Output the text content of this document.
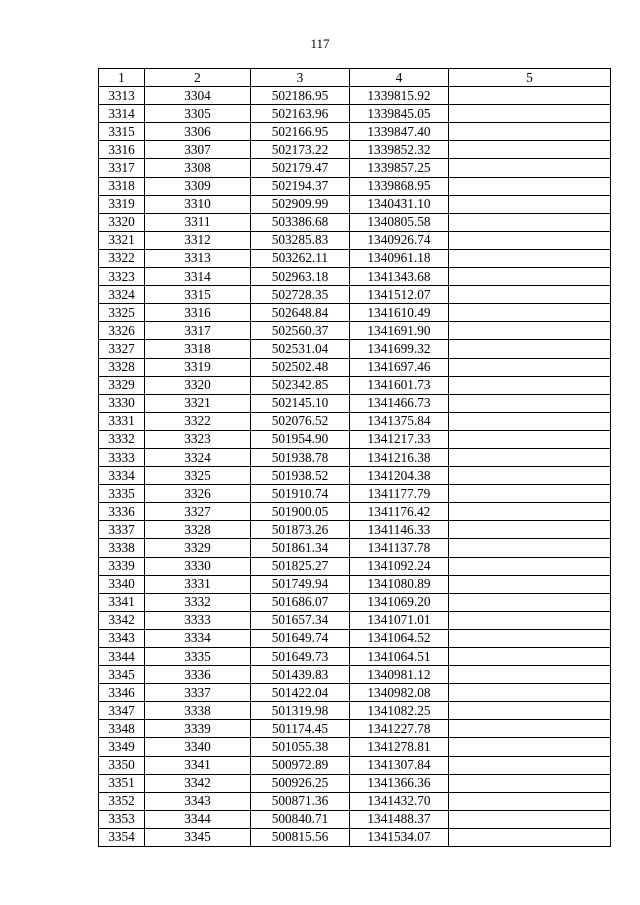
117
1	2	3	4	5
3313	3304	502186.95	1339815.92	
3314	3305	502163.96	1339845.05	
3315	3306	502166.95	1339847.40	
3316	3307	502173.22	1339852.32	
3317	3308	502179.47	1339857.25	
3318	3309	502194.37	1339868.95	
3319	3310	502909.99	1340431.10	
3320	3311	503386.68	1340805.58	
3321	3312	503285.83	1340926.74	
3322	3313	503262.11	1340961.18	
3323	3314	502963.18	1341343.68	
3324	3315	502728.35	1341512.07	
3325	3316	502648.84	1341610.49	
3326	3317	502560.37	1341691.90	
3327	3318	502531.04	1341699.32	
3328	3319	502502.48	1341697.46	
3329	3320	502342.85	1341601.73	
3330	3321	502145.10	1341466.73	
3331	3322	502076.52	1341375.84	
3332	3323	501954.90	1341217.33	
3333	3324	501938.78	1341216.38	
3334	3325	501938.52	1341204.38	
3335	3326	501910.74	1341177.79	
3336	3327	501900.05	1341176.42	
3337	3328	501873.26	1341146.33	
3338	3329	501861.34	1341137.78	
3339	3330	501825.27	1341092.24	
3340	3331	501749.94	1341080.89	
3341	3332	501686.07	1341069.20	
3342	3333	501657.34	1341071.01	
3343	3334	501649.74	1341064.52	
3344	3335	501649.73	1341064.51	
3345	3336	501439.83	1340981.12	
3346	3337	501422.04	1340982.08	
3347	3338	501319.98	1341082.25	
3348	3339	501174.45	1341227.78	
3349	3340	501055.38	1341278.81	
3350	3341	500972.89	1341307.84	
3351	3342	500926.25	1341366.36	
3352	3343	500871.36	1341432.70	
3353	3344	500840.71	1341488.37	
3354	3345	500815.56	1341534.07	
